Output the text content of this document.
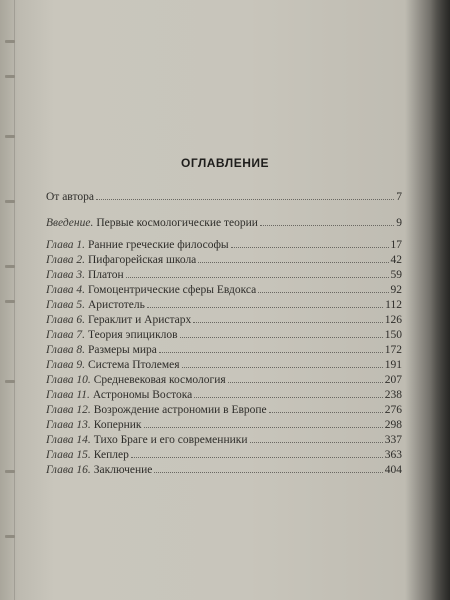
ОГЛАВЛЕНИЕ
От автора	7
Введение. Первые космологические теории	9
Глава 1. Ранние греческие философы	17
Глава 2. Пифагорейская школа	42
Глава 3. Платон	59
Глава 4. Гомоцентрические сферы Евдокса	92
Глава 5. Аристотель	112
Глава 6. Гераклит и Аристарх	126
Глава 7. Теория эпициклов	150
Глава 8. Размеры мира	172
Глава 9. Система Птолемея	191
Глава 10. Средневековая космология	207
Глава 11. Астрономы Востока	238
Глава 12. Возрождение астрономии в Европе	276
Глава 13. Коперник	298
Глава 14. Тихо Браге и его современники	337
Глава 15. Кеплер	363
Глава 16. Заключение	404
